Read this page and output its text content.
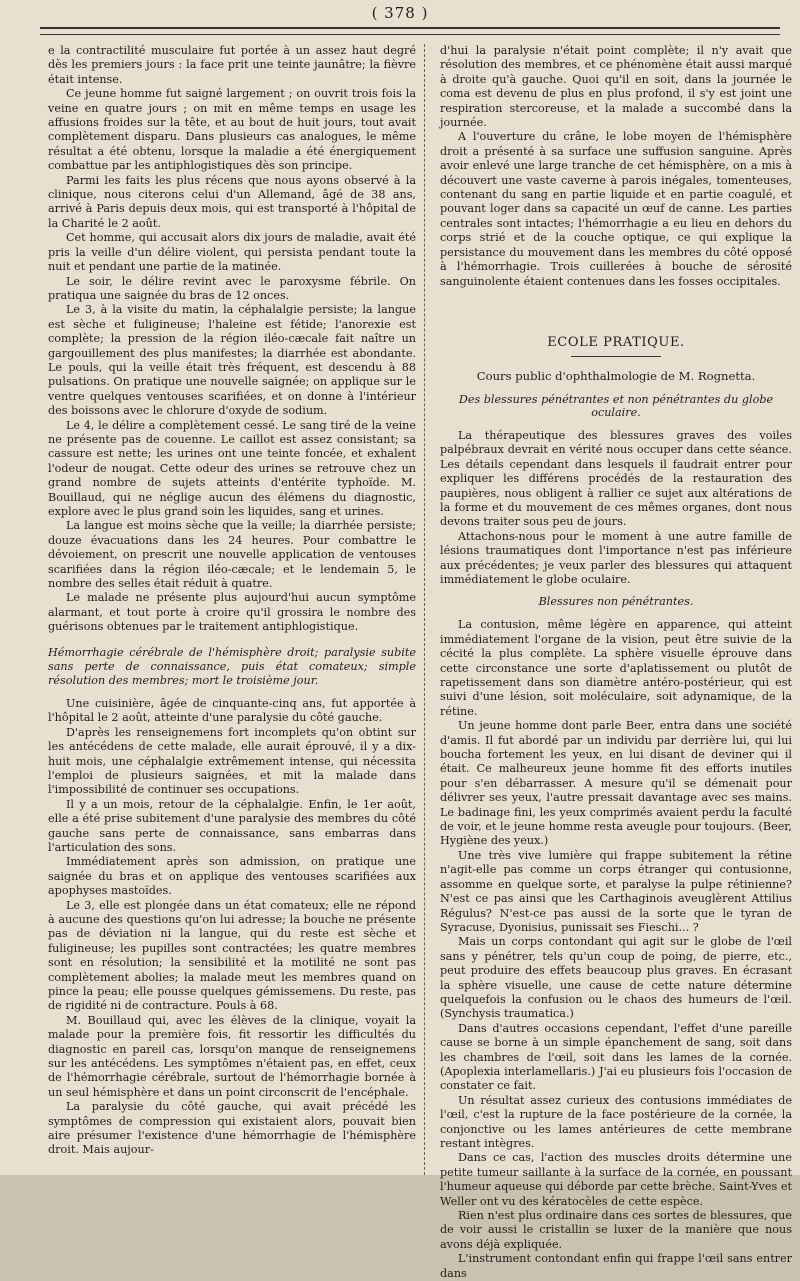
( 378 )

e la contractilité musculaire fut portée à un assez haut degré dès les premiers jours : la face prit une teinte jaunâtre; la fièvre était intense.

Ce jeune homme fut saigné largement ; on ouvrit trois fois la veine en quatre jours ; on mit en même temps en usage les affusions froides sur la tête, et au bout de huit jours, tout avait complètement disparu. Dans plusieurs cas analogues, le même résultat a été obtenu, lorsque la maladie a été énergiquement combattue par les antiphlogistiques dès son principe.

Parmi les faits les plus récens que nous ayons observé à la clinique, nous citerons celui d'un Allemand, âgé de 38 ans, arrivé à Paris depuis deux mois, qui est transporté à l'hôpital de la Charité le 2 août.

Cet homme, qui accusait alors dix jours de maladie, avait été pris la veille d'un délire violent, qui persista pendant toute la nuit et pendant une partie de la matinée.

Le soir, le délire revint avec le paroxysme fébrile. On pratiqua une saignée du bras de 12 onces.

Le 3, à la visite du matin, la céphalalgie persiste; la langue est sèche et fuligineuse; l'haleine est fétide; l'anorexie est complète; la pression de la région iléo-cæcale fait naître un gargouillement des plus manifestes; la diarrhée est abondante. Le pouls, qui la veille était très fréquent, est descendu à 88 pulsations. On pratique une nouvelle saignée; on applique sur le ventre quelques ventouses scarifiées, et on donne à l'intérieur des boissons avec le chlorure d'oxyde de sodium.

Le 4, le délire a complètement cessé. Le sang tiré de la veine ne présente pas de couenne. Le caillot est assez consistant; sa cassure est nette; les urines ont une teinte foncée, et exhalent l'odeur de nougat. Cette odeur des urines se retrouve chez un grand nombre de sujets atteints d'entérite typhoïde. M. Bouillaud, qui ne néglige aucun des élémens du diagnostic, explore avec le plus grand soin les liquides, sang et urines.

La langue est moins sèche que la veille; la diarrhée persiste; douze évacuations dans les 24 heures. Pour combattre le dévoiement, on prescrit une nouvelle application de ventouses scarifiées dans la région iléo-cæcale; et le lendemain 5, le nombre des selles était réduit à quatre.

Le malade ne présente plus aujourd'hui aucun symptôme alarmant, et tout porte à croire qu'il grossira le nombre des guérisons obtenues par le traitement antiphlogistique.

Hémorrhagie cérébrale de l'hémisphère droit; paralysie subite sans perte de connaissance, puis état comateux; simple résolution des membres; mort le troisième jour.

Une cuisinière, âgée de cinquante-cinq ans, fut apportée à l'hôpital le 2 août, atteinte d'une paralysie du côté gauche.

D'après les renseignemens fort incomplets qu'on obtint sur les antécédens de cette malade, elle aurait éprouvé, il y a dix-huit mois, une céphalalgie extrêmement intense, qui nécessita l'emploi de plusieurs saignées, et mit la malade dans l'impossibilité de continuer ses occupations.

Il y a un mois, retour de la céphalalgie. Enfin, le 1er août, elle a été prise subitement d'une paralysie des membres du côté gauche sans perte de connaissance, sans embarras dans l'articulation des sons.

Immédiatement après son admission, on pratique une saignée du bras et on applique des ventouses scarifiées aux apophyses mastoïdes.

Le 3, elle est plongée dans un état comateux; elle ne répond à aucune des questions qu'on lui adresse; la bouche ne présente pas de déviation ni la langue, qui du reste est sèche et fuligineuse; les pupilles sont contractées; les quatre membres sont en résolution; la sensibilité et la motilité ne sont pas complètement abolies; la malade meut les membres quand on pince la peau; elle pousse quelques gémissemens. Du reste, pas de rigidité ni de contracture. Pouls à 68.

M. Bouillaud qui, avec les élèves de la clinique, voyait la malade pour la première fois, fit ressortir les difficultés du diagnostic en pareil cas, lorsqu'on manque de renseignemens sur les antécédens. Les symptômes n'étaient pas, en effet, ceux de l'hémorrhagie cérébrale, surtout de l'hémorrhagie bornée à un seul hémisphère et dans un point circonscrit de l'encéphale.

La paralysie du côté gauche, qui avait précédé les symptômes de compression qui existaient alors, pouvait bien aire présumer l'existence d'une hémorrhagie de l'hémisphère droit. Mais aujour-

d'hui la paralysie n'était point complète; il n'y avait que résolution des membres, et ce phénomène était aussi marqué à droite qu'à gauche. Quoi qu'il en soit, dans la journée le coma est devenu de plus en plus profond, il s'y est joint une respiration stercoreuse, et la malade a succombé dans la journée.

A l'ouverture du crâne, le lobe moyen de l'hémisphère droit a présenté à sa surface une suffusion sanguine. Après avoir enlevé une large tranche de cet hémisphère, on a mis à découvert une vaste caverne à parois inégales, tomenteuses, contenant du sang en partie liquide et en partie coagulé, et pouvant loger dans sa capacité un œuf de canne. Les parties centrales sont intactes; l'hémorrhagie a eu lieu en dehors du corps strié et de la couche optique, ce qui explique la persistance du mouvement dans les membres du côté opposé à l'hémorrhagie. Trois cuillerées à bouche de sérosité sanguinolente étaient contenues dans les fosses occipitales.

ECOLE PRATIQUE.
Cours public d'ophthalmologie de M. Rognetta.
Des blessures pénétrantes et non pénétrantes du globe oculaire.

La thérapeutique des blessures graves des voiles palpébraux devrait en vérité nous occuper dans cette séance. Les détails cependant dans lesquels il faudrait entrer pour expliquer les différens procédés de la restauration des paupières, nous obligent à rallier ce sujet aux altérations de la forme et du mouvement de ces mêmes organes, dont nous devons traiter sous peu de jours.

Attachons-nous pour le moment à une autre famille de lésions traumatiques dont l'importance n'est pas inférieure aux précédentes; je veux parler des blessures qui attaquent immédiatement le globe oculaire.

Blessures non pénétrantes.

La contusion, même légère en apparence, qui atteint immédiatement l'organe de la vision, peut être suivie de la cécité la plus complète. La sphère visuelle éprouve dans cette circonstance une sorte d'aplatissement ou plutôt de rapetissement dans son diamètre antéro-postérieur, qui est suivi d'une lésion, soit moléculaire, soit adynamique, de la rétine.

Un jeune homme dont parle Beer, entra dans une société d'amis. Il fut abordé par un individu par derrière lui, qui lui boucha fortement les yeux, en lui disant de deviner qui il était. Ce malheureux jeune homme fit des efforts inutiles pour s'en débarrasser. A mesure qu'il se démenait pour délivrer ses yeux, l'autre pressait davantage avec ses mains. Le badinage fini, les yeux comprimés avaient perdu la faculté de voir, et le jeune homme resta aveugle pour toujours. (Beer, Hygiène des yeux.)

Une très vive lumière qui frappe subitement la rétine n'agit-elle pas comme un corps étranger qui contusionne, assomme en quelque sorte, et paralyse la pulpe rétinienne? N'est ce pas ainsi que les Carthaginois aveuglèrent Attilius Régulus? N'est-ce pas aussi de la sorte que le tyran de Syracuse, Dyonisius, punissait ses Fieschi... ?

Mais un corps contondant qui agit sur le globe de l'œil sans y pénétrer, tels qu'un coup de poing, de pierre, etc., peut produire des effets beaucoup plus graves. En écrasant la sphère visuelle, une cause de cette nature détermine quelquefois la confusion ou le chaos des humeurs de l'œil. (Synchysis traumatica.)

Dans d'autres occasions cependant, l'effet d'une pareille cause se borne à un simple épanchement de sang, soit dans les chambres de l'œil, soit dans les lames de la cornée. (Apoplexia interlamellaris.) J'ai eu plusieurs fois l'occasion de constater ce fait.

Un résultat assez curieux des contusions immédiates de l'œil, c'est la rupture de la face postérieure de la cornée, la conjonctive ou les lames antérieures de cette membrane restant intègres.

Dans ce cas, l'action des muscles droits détermine une petite tumeur saillante à la surface de la cornée, en poussant l'humeur aqueuse qui déborde par cette brèche. Saint-Yves et Weller ont vu des kératocèles de cette espèce.

Rien n'est plus ordinaire dans ces sortes de blessures, que de voir aussi le cristallin se luxer de la manière que nous avons déjà expliquée.

L'instrument contondant enfin qui frappe l'œil sans entrer dans
